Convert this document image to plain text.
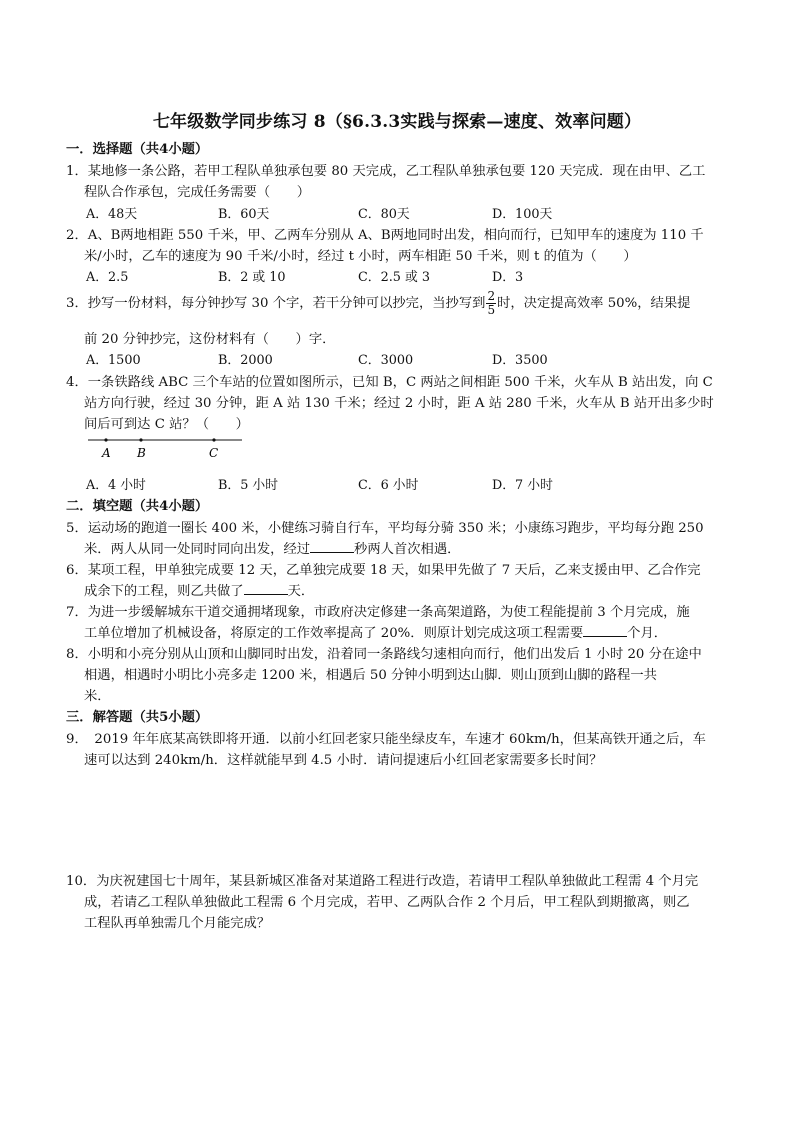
七年级数学同步练习 8（§6.3.3实践与探索—速度、效率问题）
一．选择题（共4小题）
1．某地修一条公路，若甲工程队单独承包要 80 天完成，乙工程队单独承包要 120 天完成．现在由甲、乙工
程队合作承包，完成任务需要（　　）
A．48天	B．60天	C．80天	D．100天
2．A、B两地相距 550 千米，甲、乙两车分别从 A、B两地同时出发，相向而行，已知甲车的速度为 110 千
米/小时，乙车的速度为 90 千米/小时，经过 t 小时，两车相距 50 千米，则 t 的值为（　　）
A．2.5	B．2 或 10	C．2.5 或 3	D．3
3．抄写一份材料，每分钟抄写 30 个字，若干分钟可以抄完，当抄写到 $\frac{2}{5}$ 时，决定提高效率 50%，结果提
前 20 分钟抄完，这份材料有（　　）字．
A．1500	B．2000	C．3000	D．3500
4．一条铁路线 ABC 三个车站的位置如图所示，已知 B，C 两站之间相距 500 千米，火车从 B 站出发，向 C
站方向行驶，经过 30 分钟，距 A 站 130 千米；经过 2 小时，距 A 站 280 千米，火车从 B 站开出多少时
间后可到达 C 站？（　　）
A B	C
A．4 小时	B．5 小时	C．6 小时	D．7 小时
二．填空题（共4小题）
5．运动场的跑道一圈长 400 米，小健练习骑自行车，平均每分骑 350 米；小康练习跑步，平均每分跑 250
米．两人从同一处同时同向出发，经过	秒两人首次相遇．
6．某项工程，甲单独完成要 12 天，乙单独完成要 18 天，如果甲先做了 7 天后，乙来支援由甲、乙合作完
成余下的工程，则乙共做了	天．
7．为进一步缓解城东干道交通拥堵现象，市政府决定修建一条高架道路，为使工程能提前 3 个月完成，施
工单位增加了机械设备，将原定的工作效率提高了 20%．则原计划完成这项工程需要	个月．
8．小明和小亮分别从山顶和山脚同时出发，沿着同一条路线匀速相向而行，他们出发后 1 小时 20 分在途中
相遇，相遇时小明比小亮多走 1200 米，相遇后 50 分钟小明到达山脚．则山顶到山脚的路程一共
米．
三．解答题（共5小题）
9．　2019 年年底某高铁即将开通．以前小红回老家只能坐绿皮车，车速才 60km/h，但某高铁开通之后，车
速可以达到 240km/h．这样就能早到 4.5 小时．请问提速后小红回老家需要多长时间？
10．为庆祝建国七十周年，某县新城区准备对某道路工程进行改造，若请甲工程队单独做此工程需 4 个月完
成，若请乙工程队单独做此工程需 6 个月完成，若甲、乙两队合作 2 个月后，甲工程队到期撤离，则乙
工程队再单独需几个月能完成？
